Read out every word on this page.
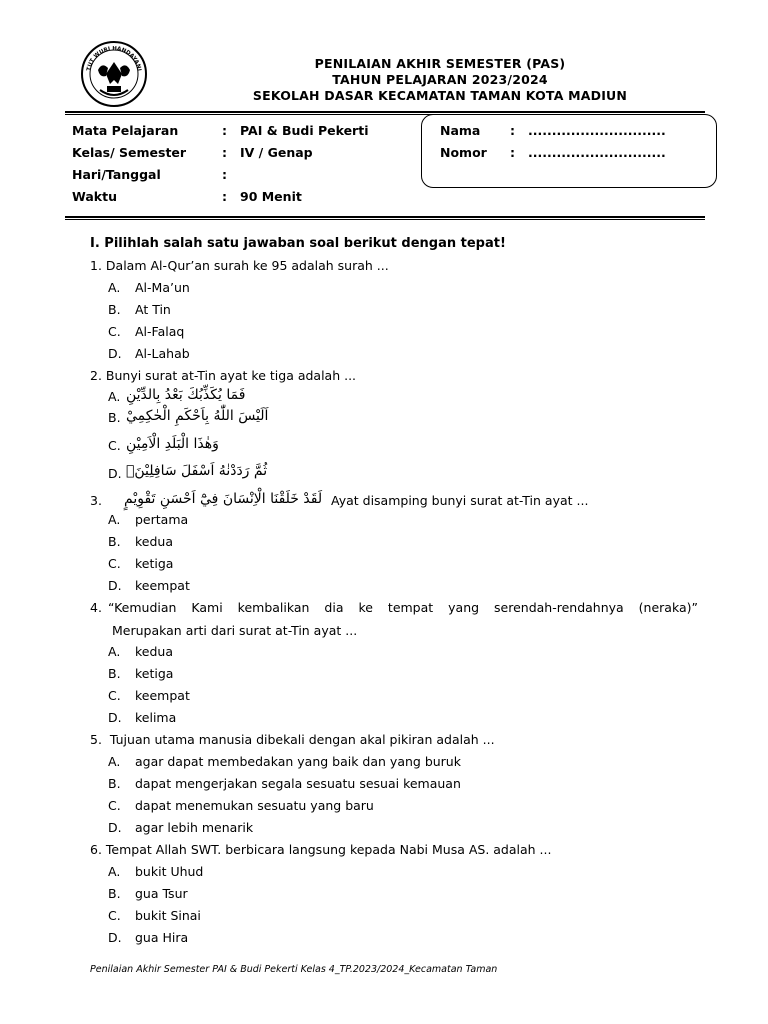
TUT WURI HANDAYANI	PENILAIAN AKHIR SEMESTER (PAS)
TAHUN PELAJARAN 2023/2024
SEKOLAH DASAR KECAMATAN TAMAN KOTA MADIUN
Mata Pelajaran	: PAI & Budi Pekerti
Kelas/ Semester	: IV / Genap
Hari/Tanggal	:
Waktu	: 90 Menit
Nama : .............................
Nomor : .............................
I. Pilihlah salah satu jawaban soal berikut dengan tepat!
1. Dalam Al-Qur’an surah ke 95 adalah surah ...
A. Al-Ma’un
B. At Tin
C. Al-Falaq
D. Al-Lahab
2. Bunyi surat at-Tin ayat ke tiga adalah ...
A. فَمَا يُكَذِّبُكَ بَعْدُ بِالدِّيْنِ
B. اَلَيْسَ اللّٰهُ بِاَحْكَمِ الْحٰكِمِيْ
C. وَهٰذَا الْبَلَدِ الْاَمِيْنِ
D. ثُمَّ رَدَدْنٰهُ اَسْفَلَ سَافِلِيْنَۙ
3. لَقَدْ خَلَقْنَا الْاِنْسَانَ فِيْٓ اَحْسَنِ تَقْوِيْمٍ Ayat disamping bunyi surat at-Tin ayat ...
A. pertama
B. kedua
C. ketiga
D. keempat
4. “Kemudian Kami kembalikan dia ke tempat yang serendah-rendahnya (neraka)”
Merupakan arti dari surat at-Tin ayat ...
A. kedua
B. ketiga
C. keempat
D. kelima
5. Tujuan utama manusia dibekali dengan akal pikiran adalah ...
A. agar dapat membedakan yang baik dan yang buruk
B. dapat mengerjakan segala sesuatu sesuai kemauan
C. dapat menemukan sesuatu yang baru
D. agar lebih menarik
6. Tempat Allah SWT. berbicara langsung kepada Nabi Musa AS. adalah ...
A. bukit Uhud
B. gua Tsur
C. bukit Sinai
D. gua Hira
Penilaian Akhir Semester PAI & Budi Pekerti Kelas 4_TP.2023/2024_Kecamatan Taman
